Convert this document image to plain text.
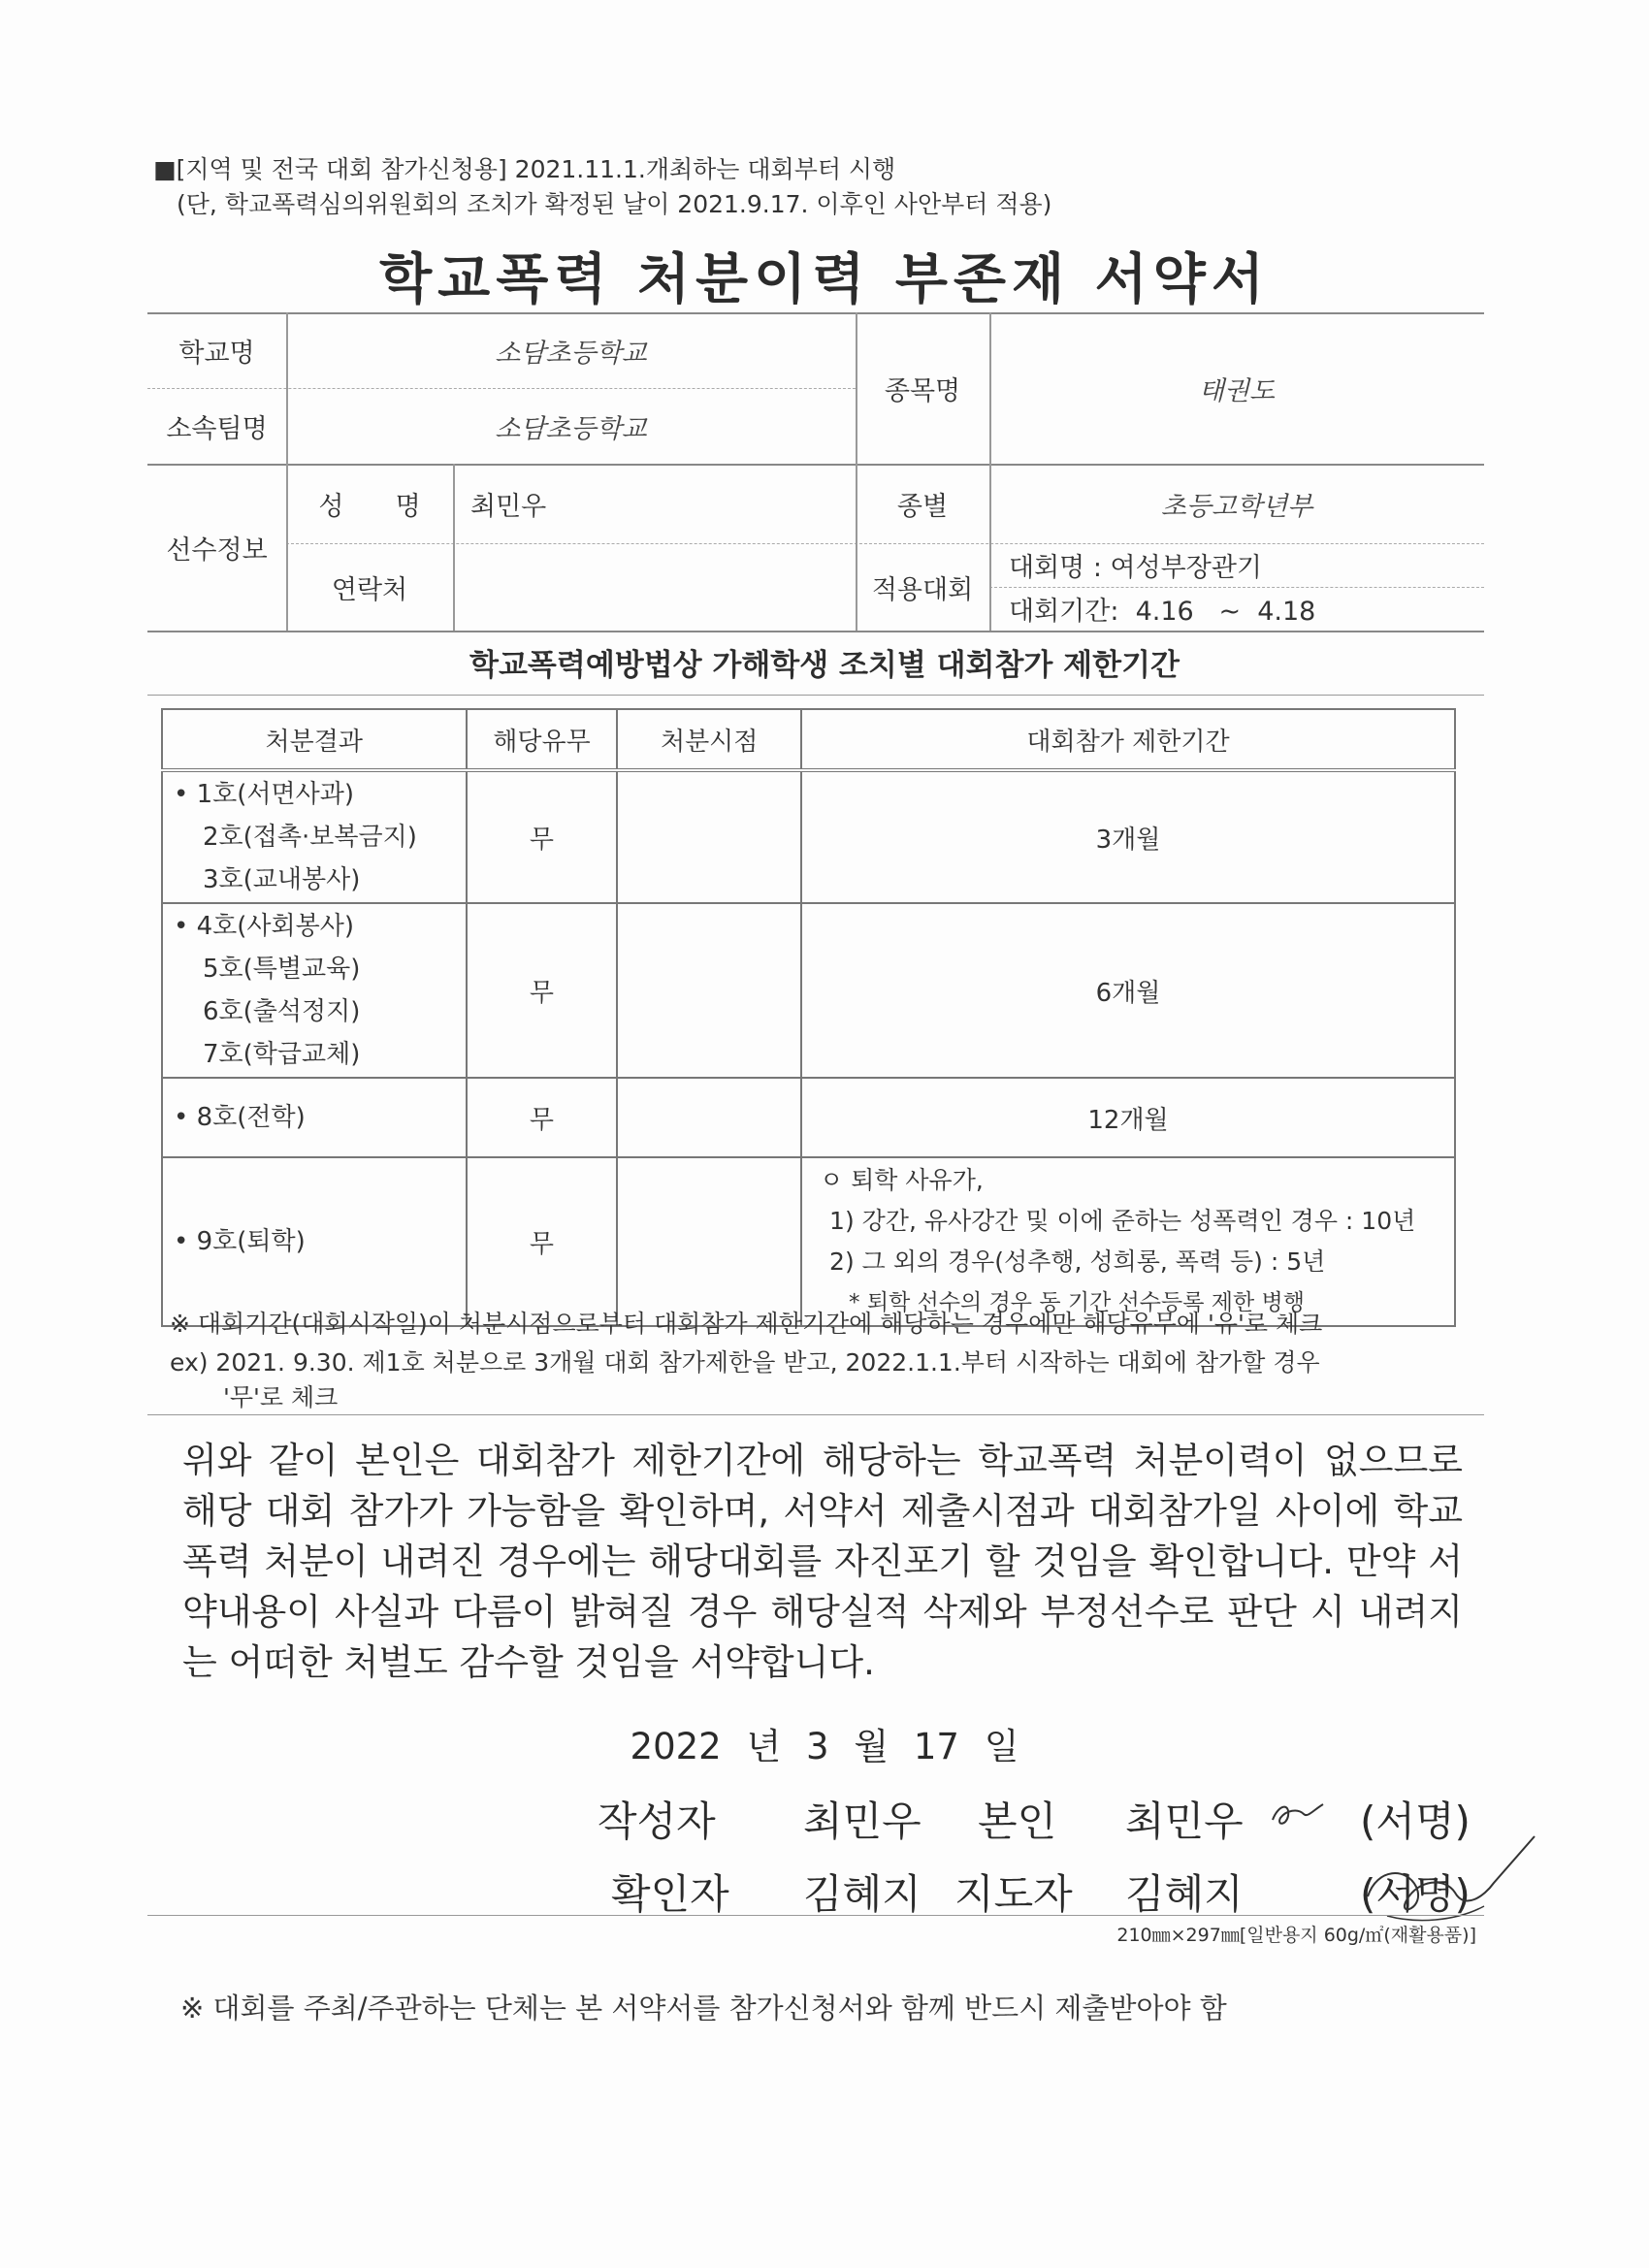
■[지역 및 전국 대회 참가신청용] 2021.11.1.개최하는 대회부터 시행
(단, 학교폭력심의위원회의 조치가 확정된 날이 2021.9.17. 이후인 사안부터 적용)
학교폭력 처분이력 부존재 서약서
학교명	소담초등학교
소속팀명	소담초등학교
종목명	태권도
선수정보
성  명	최민우
연락처
종별	초등고학년부
적용대회
대회명 : 여성부장관기
대회기간:  4.16   ~  4.18
학교폭력예방법상 가해학생 조치별 대회참가 제한기간
처분결과	해당유무	처분시점	대회참가 제한기간

• 1호(서면사과)
2호(접촉·보복금지)
3호(교내봉사)	무		3개월

• 4호(사회봉사)
5호(특별교육)
6호(출석정지)
7호(학급교체)	무		6개월

• 8호(전학)	무		12개월

• 9호(퇴학)	무		ㅇ 퇴학 사유가,
1) 강간, 유사강간 및 이에 준하는 성폭력인 경우 : 10년
2) 그 외의 경우(성추행, 성희롱, 폭력 등) : 5년
* 퇴학 선수의 경우 동 기간 선수등록 제한 병행
※ 대회기간(대회시작일)이 처분시점으로부터 대회참가 제한기간에 해당하는 경우에만 해당유무에 '유'로 체크
ex) 2021. 9.30. 제1호 처분으로 3개월 대회 참가제한을 받고, 2022.1.1.부터 시작하는 대회에 참가할 경우
'무'로 체크
위와 같이 본인은 대회참가 제한기간에 해당하는 학교폭력 처분이력이 없으므로 해당 대회 참가가 가능함을 확인하며, 서약서 제출시점과 대회참가일 사이에 학교폭력 처분이 내려진 경우에는 해당대회를 자진포기 할 것임을 확인합니다. 만약 서약내용이 사실과 다름이 밝혀질 경우 해당실적 삭제와 부정선수로 판단 시 내려지는 어떠한 처벌도 감수할 것임을 서약합니다.
2022 년 3 월 17 일
작성자 최민우 본인 최민우	(서명)
확인자 김혜지 지도자 김혜지	(서명)
210㎜×297㎜[일반용지 60g/㎡(재활용품)]
※ 대회를 주최/주관하는 단체는 본 서약서를 참가신청서와 함께 반드시 제출받아야 함
